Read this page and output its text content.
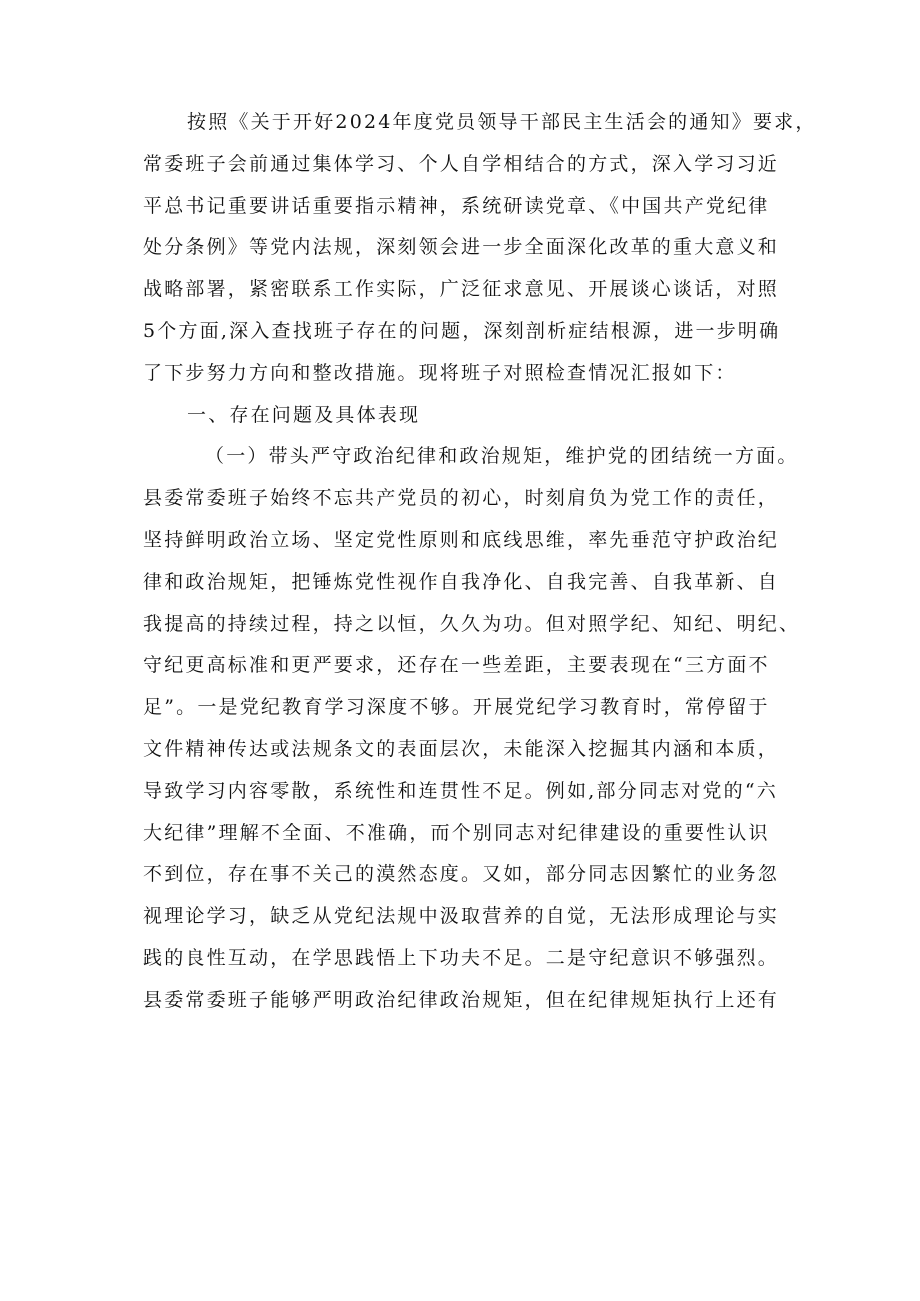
按照《关于开好2024年度党员领导干部民主生活会的通知》要求，
常委班子会前通过集体学习、个人自学相结合的方式，深入学习习近
平总书记重要讲话重要指示精神，系统研读党章、《中国共产党纪律
处分条例》等党内法规，深刻领会进一步全面深化改革的重大意义和
战略部署，紧密联系工作实际，广泛征求意见、开展谈心谈话，对照
5个方面,深入查找班子存在的问题，深刻剖析症结根源，进一步明确
了下步努力方向和整改措施。现将班子对照检查情况汇报如下：
一、存在问题及具体表现
（一）带头严守政治纪律和政治规矩，维护党的团结统一方面。
县委常委班子始终不忘共产党员的初心，时刻肩负为党工作的责任，
坚持鲜明政治立场、坚定党性原则和底线思维，率先垂范守护政治纪
律和政治规矩，把锤炼党性视作自我净化、自我完善、自我革新、自
我提高的持续过程，持之以恒，久久为功。但对照学纪、知纪、明纪、
守纪更高标准和更严要求，还存在一些差距，主要表现在“三方面不
足”。一是党纪教育学习深度不够。开展党纪学习教育时，常停留于
文件精神传达或法规条文的表面层次，未能深入挖掘其内涵和本质，
导致学习内容零散，系统性和连贯性不足。例如,部分同志对党的“六
大纪律”理解不全面、不准确，而个别同志对纪律建设的重要性认识
不到位，存在事不关己的漠然态度。又如，部分同志因繁忙的业务忽
视理论学习，缺乏从党纪法规中汲取营养的自觉，无法形成理论与实
践的良性互动，在学思践悟上下功夫不足。二是守纪意识不够强烈。
县委常委班子能够严明政治纪律政治规矩，但在纪律规矩执行上还有
